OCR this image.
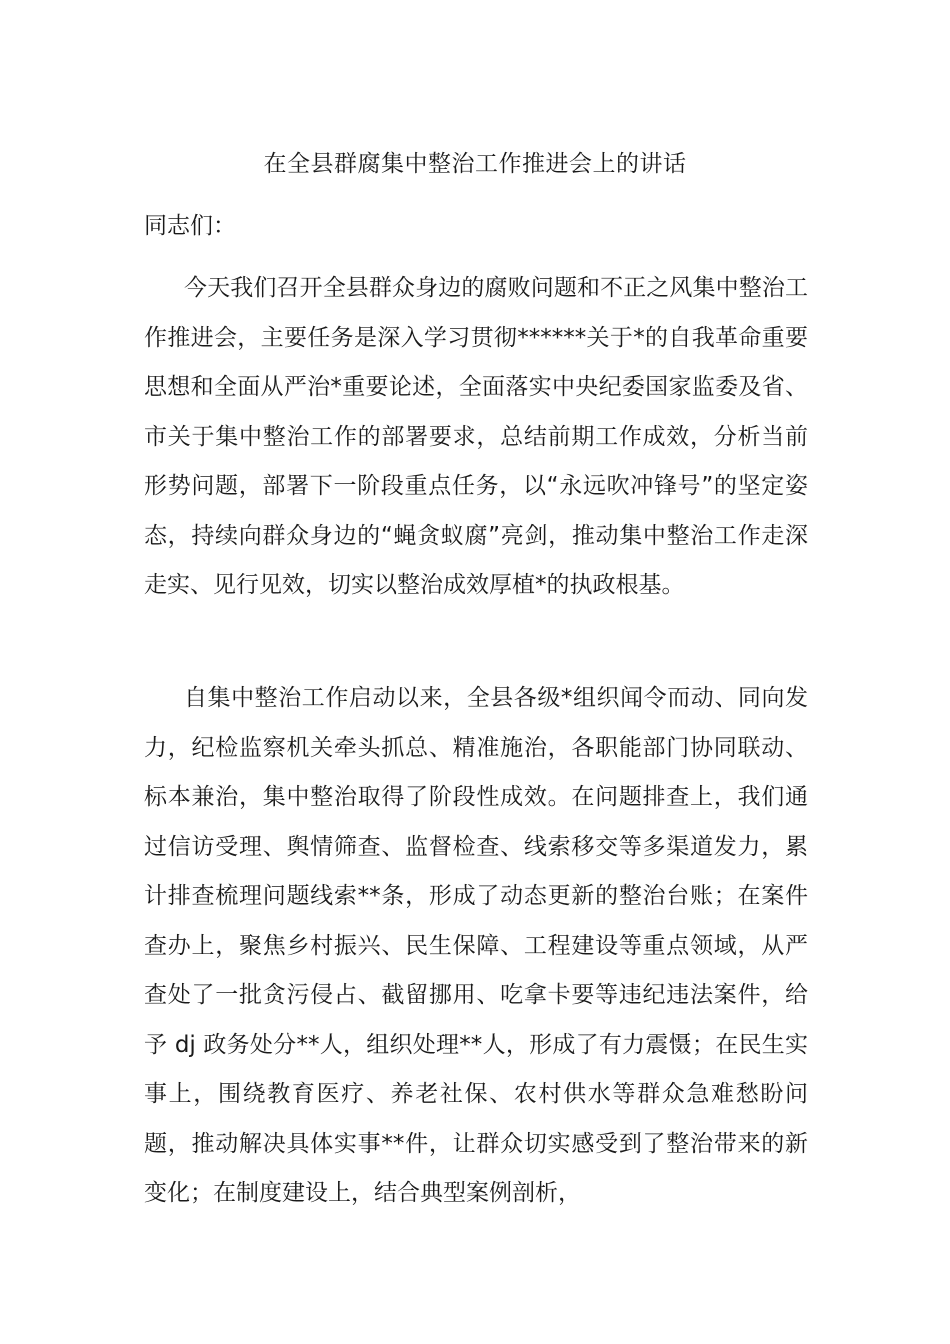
在全县群腐集中整治工作推进会上的讲话

同志们：

今天我们召开全县群众身边的腐败问题和不正之风集中整治工作推进会，主要任务是深入学习贯彻******关于*的自我革命重要思想和全面从严治*重要论述，全面落实中央纪委国家监委及省、市关于集中整治工作的部署要求，总结前期工作成效，分析当前形势问题，部署下一阶段重点任务，以“永远吹冲锋号”的坚定姿态，持续向群众身边的“蝇贪蚁腐”亮剑，推动集中整治工作走深走实、见行见效，切实以整治成效厚植*的执政根基。

自集中整治工作启动以来，全县各级*组织闻令而动、同向发力，纪检监察机关牵头抓总、精准施治，各职能部门协同联动、标本兼治，集中整治取得了阶段性成效。在问题排查上，我们通过信访受理、舆情筛查、监督检查、线索移交等多渠道发力，累计排查梳理问题线索**条，形成了动态更新的整治台账；在案件查办上，聚焦乡村振兴、民生保障、工程建设等重点领域，从严查处了一批贪污侵占、截留挪用、吃拿卡要等违纪违法案件，给予 dj 政务处分**人，组织处理**人，形成了有力震慑；在民生实事上，围绕教育医疗、养老社保、农村供水等群众急难愁盼问题，推动解决具体实事**件，让群众切实感受到了整治带来的新变化；在制度建设上，结合典型案例剖析，
